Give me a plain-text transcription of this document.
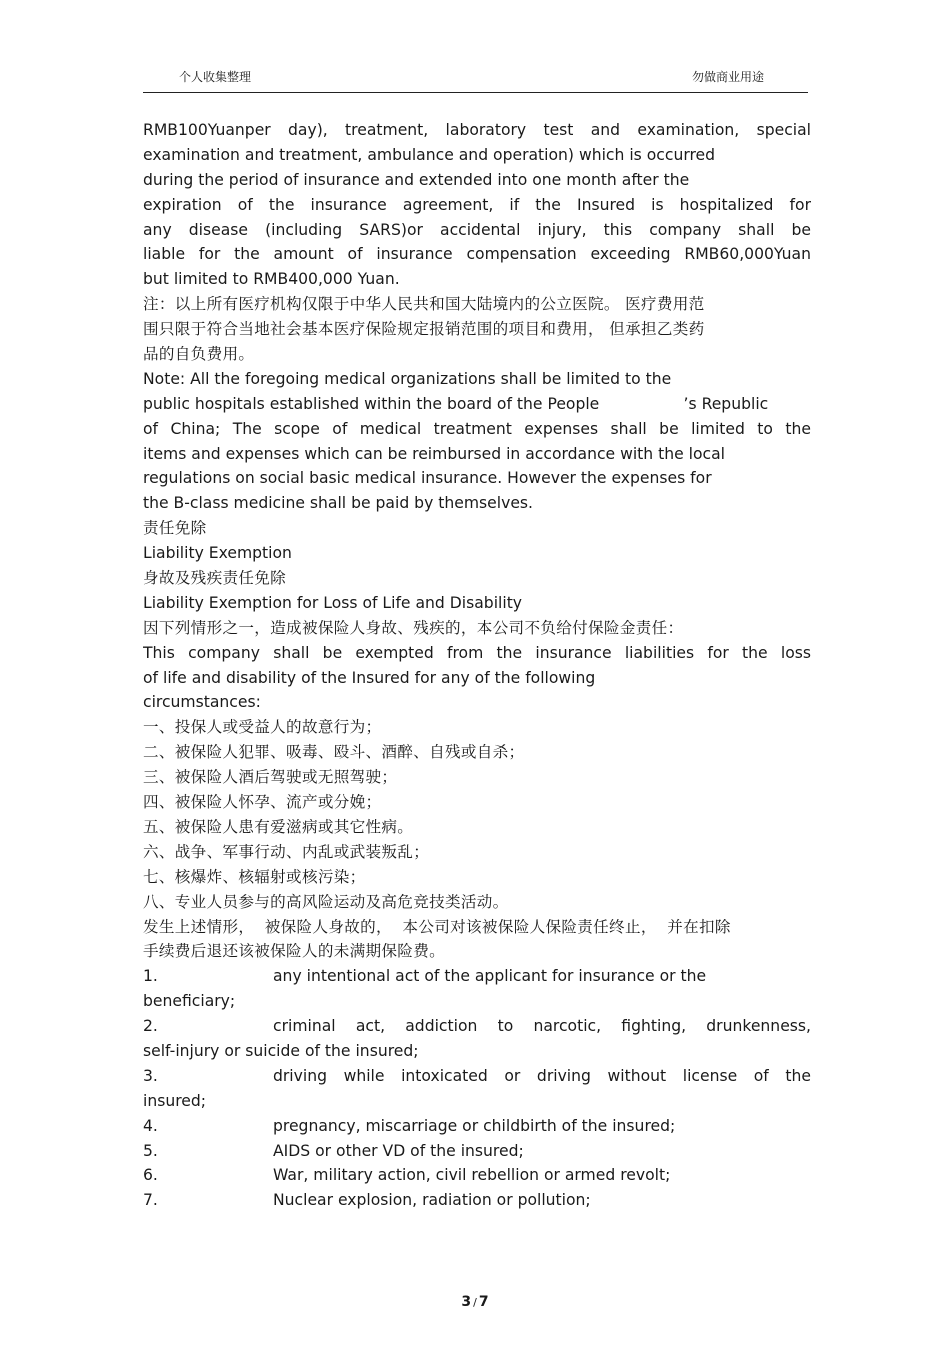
个人收集整理	勿做商业用途
RMB100Yuanper day), treatment, laboratory test and examination, special
examination and treatment, ambulance and operation) which is occurred
during the period of insurance and extended into one month after the
expiration of the insurance agreement, if the Insured is hospitalized for
any disease (including SARS)or accidental injury, this company shall be
liable for the amount of insurance compensation exceeding RMB60,000Yuan
but limited to RMB400,000 Yuan.
注：以上所有医疗机构仅限于中华人民共和国大陆境内的公立医院。 医疗费用范
围只限于符合当地社会基本医疗保险规定报销范围的项目和费用， 但承担乙类药
品的自负费用。
Note: All the foregoing medical organizations shall be limited to the
public hospitals established within the board of the People                 ’s Republic
of China; The scope of medical treatment expenses shall be limited to the
items and expenses which can be reimbursed in accordance with the local
regulations on social basic medical insurance. However the expenses for
the B-class medicine shall be paid by themselves.
责任免除
Liability Exemption
身故及残疾责任免除
Liability Exemption for Loss of Life and Disability
因下列情形之一，造成被保险人身故、残疾的，本公司不负给付保险金责任：
This company shall be exempted from the insurance liabilities for the loss
of life and disability of the Insured for any of the following
circumstances:
一、投保人或受益人的故意行为；
二、被保险人犯罪、吸毒、殴斗、酒醉、自残或自杀；
三、被保险人酒后驾驶或无照驾驶；
四、被保险人怀孕、流产或分娩；
五、被保险人患有爱滋病或其它性病。
六、战争、军事行动、内乱或武装叛乱；
七、核爆炸、核辐射或核污染；
八、专业人员参与的高风险运动及高危竞技类活动。
发生上述情形，  被保险人身故的，  本公司对该被保险人保险责任终止，  并在扣除
手续费后退还该被保险人的未满期保险费。
1.	any intentional act of the applicant for insurance or the
beneficiary;
2.	criminal act, addiction to narcotic, fighting, drunkenness,
self-injury or suicide of the insured;
3.	driving while intoxicated or driving without license of the
insured;
4.	pregnancy, miscarriage or childbirth of the insured;
5.	AIDS or other VD of the insured;
6.	War, military action, civil rebellion or armed revolt;
7.	Nuclear explosion, radiation or pollution;
3 / 7
